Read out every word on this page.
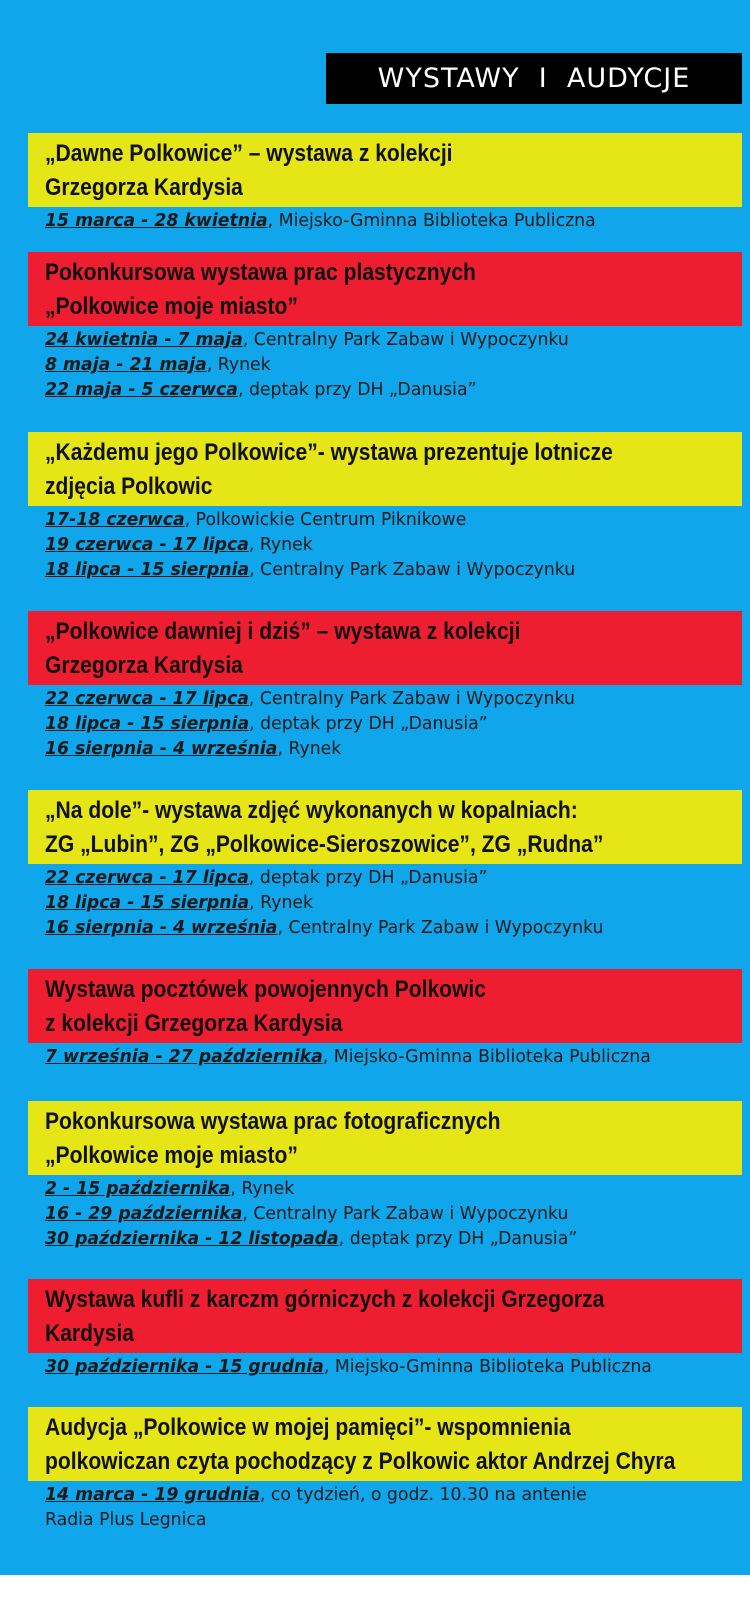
WYSTAWY  I  AUDYCJE
„Dawne Polkowice” – wystawa z kolekcji
Grzegorza Kardysia
15 marca - 28 kwietnia, Miejsko-Gminna Biblioteka Publiczna
Pokonkursowa wystawa prac plastycznych
„Polkowice moje miasto”
24 kwietnia - 7 maja, Centralny Park Zabaw i Wypoczynku
8 maja - 21 maja, Rynek
22 maja - 5 czerwca, deptak przy DH „Danusia”
„Każdemu jego Polkowice”- wystawa prezentuje lotnicze
zdjęcia Polkowic
17-18 czerwca, Polkowickie Centrum Piknikowe
19 czerwca - 17 lipca, Rynek
18 lipca - 15 sierpnia, Centralny Park Zabaw i Wypoczynku
„Polkowice dawniej i dziś” – wystawa z kolekcji
Grzegorza Kardysia
22 czerwca - 17 lipca, Centralny Park Zabaw i Wypoczynku
18 lipca - 15 sierpnia, deptak przy DH „Danusia”
16 sierpnia - 4 września, Rynek
„Na dole”- wystawa zdjęć wykonanych w kopalniach:
ZG „Lubin”, ZG „Polkowice-Sieroszowice”, ZG „Rudna”
22 czerwca - 17 lipca, deptak przy DH „Danusia”
18 lipca - 15 sierpnia, Rynek
16 sierpnia - 4 września, Centralny Park Zabaw i Wypoczynku
Wystawa pocztówek powojennych Polkowic
z kolekcji Grzegorza Kardysia
7 września - 27 października, Miejsko-Gminna Biblioteka Publiczna
Pokonkursowa wystawa prac fotograficznych
„Polkowice moje miasto”
2 - 15 października, Rynek
16 - 29 października, Centralny Park Zabaw i Wypoczynku
30 października - 12 listopada, deptak przy DH „Danusia”
Wystawa kufli z karczm górniczych z kolekcji Grzegorza
Kardysia
30 października - 15 grudnia, Miejsko-Gminna Biblioteka Publiczna
Audycja „Polkowice w mojej pamięci”- wspomnienia
polkowiczan czyta pochodzący z Polkowic aktor Andrzej Chyra
14 marca - 19 grudnia, co tydzień, o godz. 10.30 na antenie
Radia Plus Legnica
